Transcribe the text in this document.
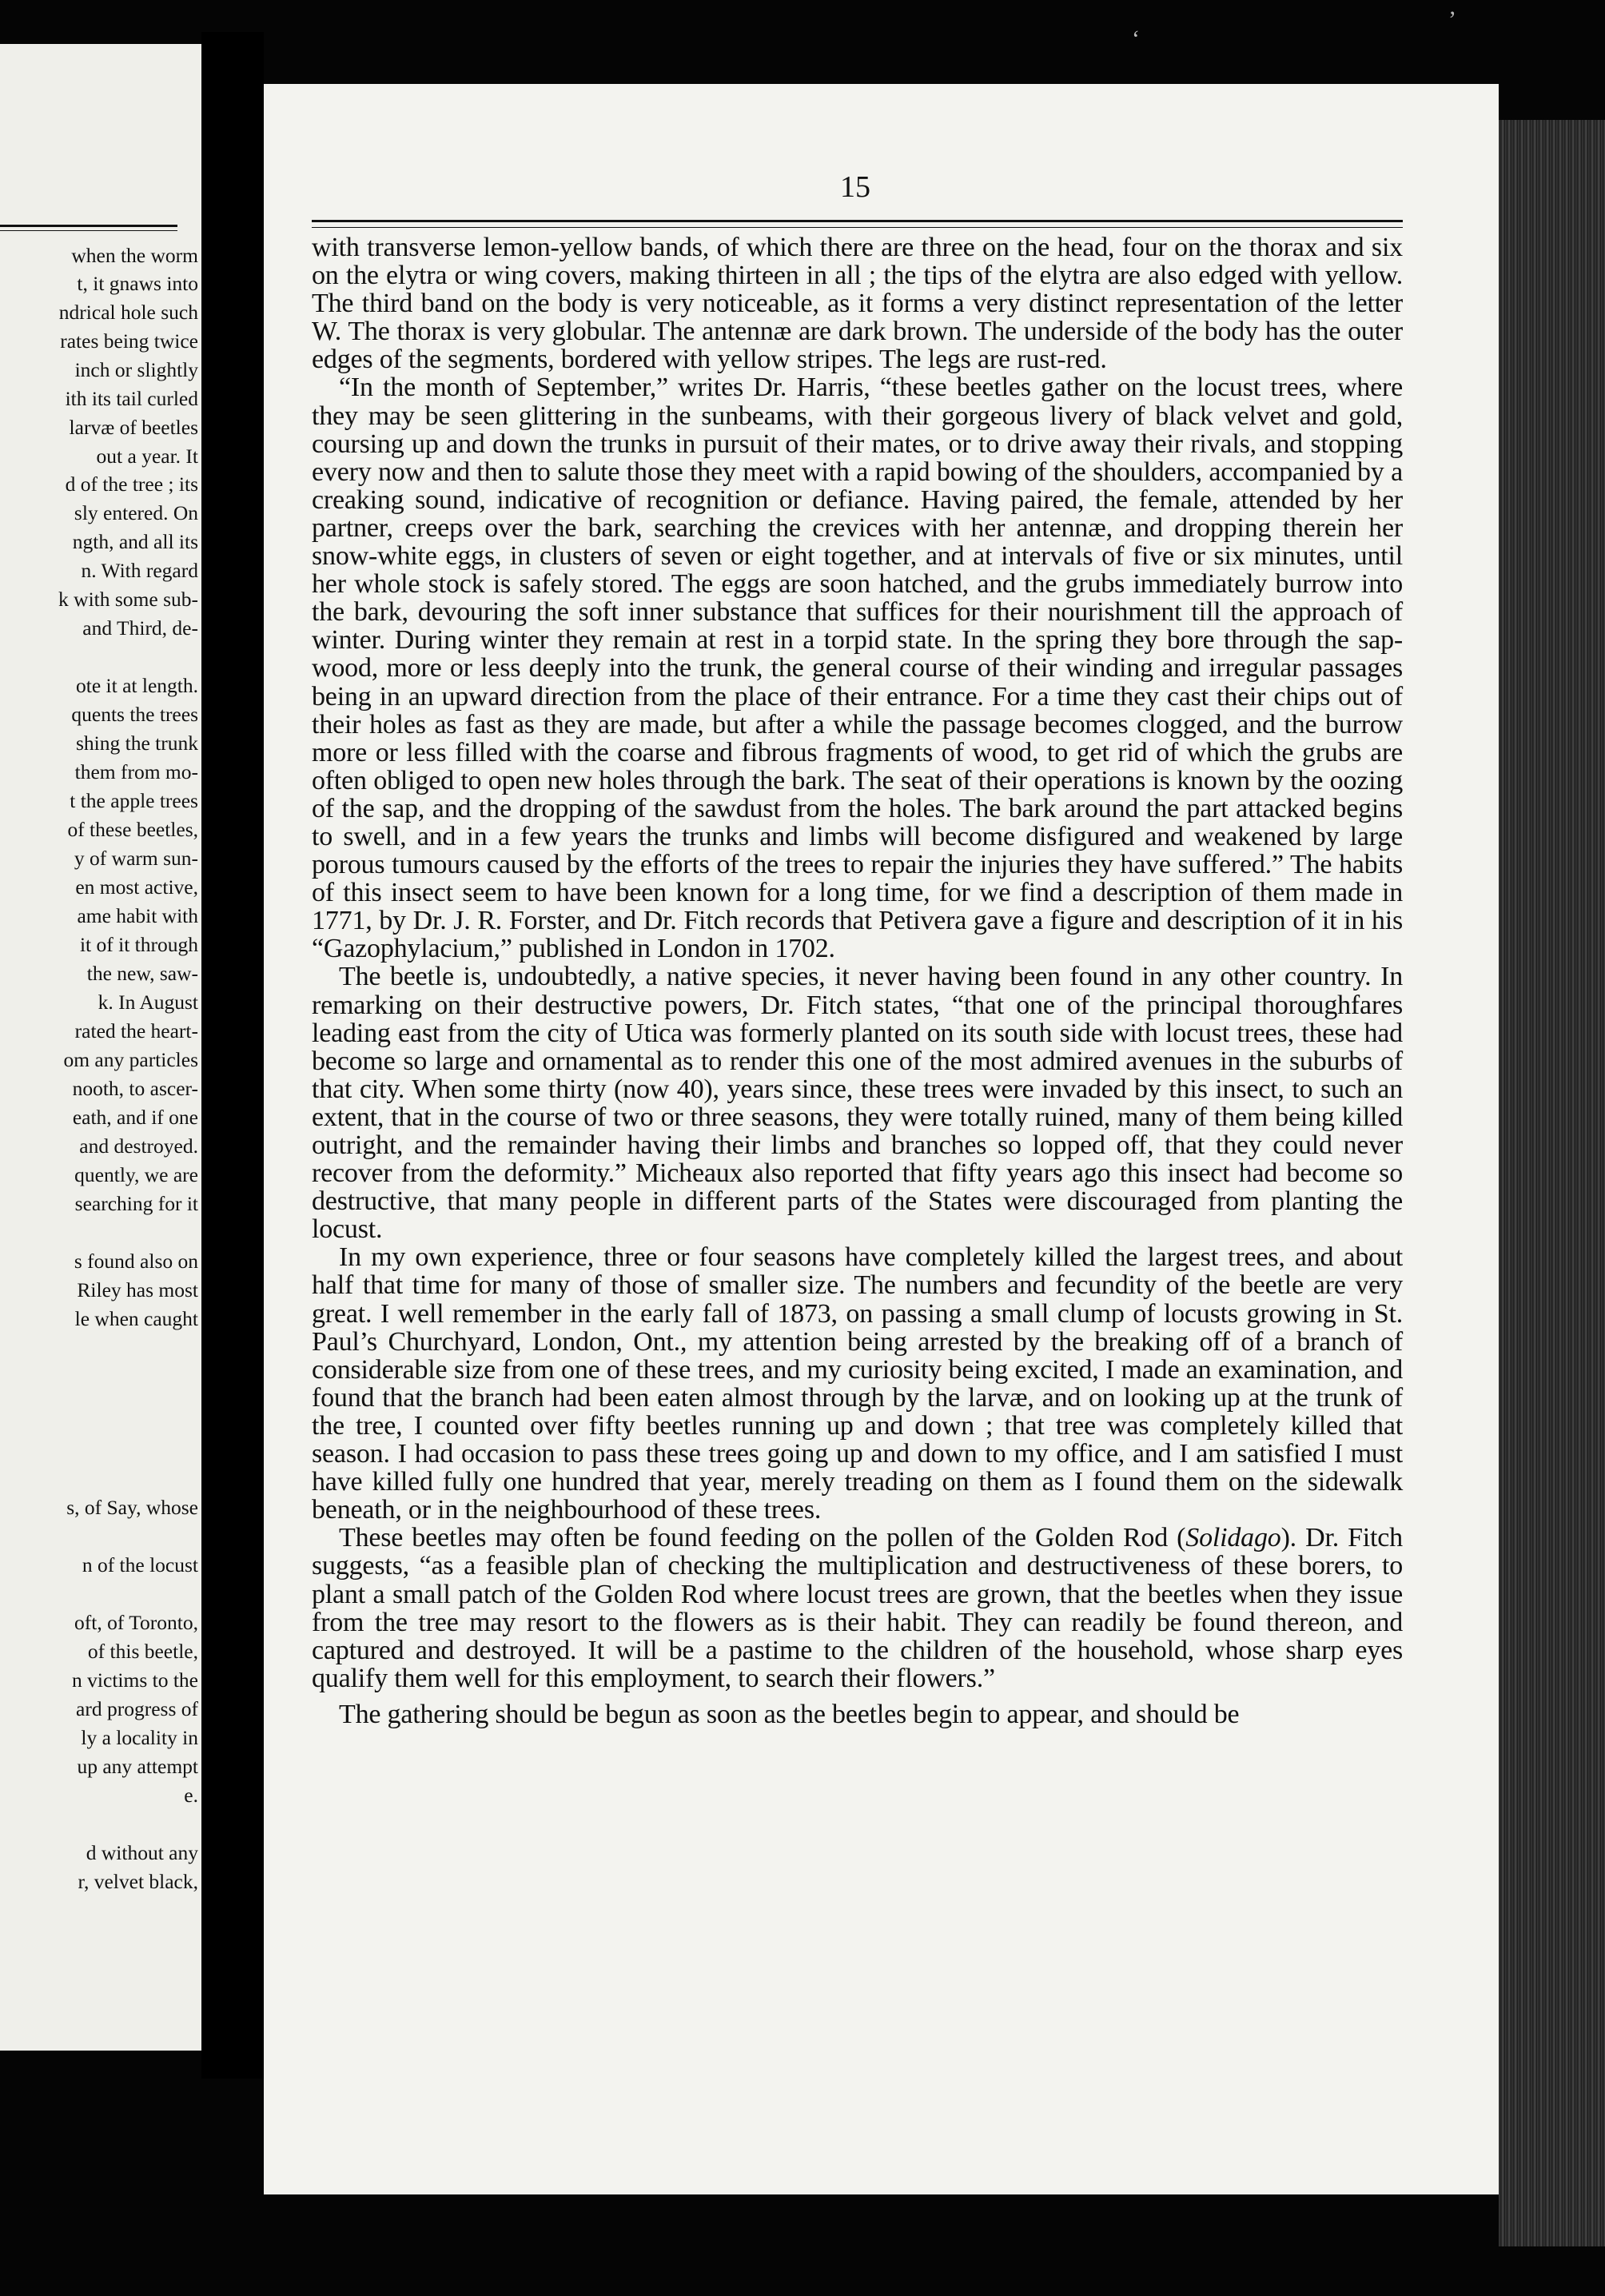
when the worm

t, it gnaws into

ndrical hole such

rates being twice

inch or slightly

ith its tail curled

larvæ of beetles

out a year. It

d of the tree ; its

sly entered. On

ngth, and all its

n. With regard

k with some sub-

and Third, de-

ote it at length.

quents the trees

shing the trunk

them from mo-

t the apple trees

of these beetles,

y of warm sun-

en most active,

ame habit with

it of it through

the new, saw-

k. In August

rated the heart-

om any particles

nooth, to ascer-

eath, and if one

and destroyed.

quently, we are

searching for it

s found also on

Riley has most

le when caught

s, of Say, whose

n of the locust

oft, of Toronto,

of this beetle,

n victims to the

ard progress of

ly a locality in

up any attempt

e.

d without any

r, velvet black,

‘
’

15

with transverse lemon-yellow bands, of which there are three on the head, four on the thorax and six on the elytra or wing covers, making thirteen in all ; the tips of the elytra are also edged with yellow. The third band on the body is very noticeable, as it forms a very distinct representation of the letter W. The thorax is very globular. The antennæ are dark brown. The underside of the body has the outer edges of the segments, bordered with yellow stripes. The legs are rust-red.

“In the month of September,” writes Dr. Harris, “these beetles gather on the locust trees, where they may be seen glittering in the sunbeams, with their gorgeous livery of black velvet and gold, coursing up and down the trunks in pursuit of their mates, or to drive away their rivals, and stopping every now and then to salute those they meet with a rapid bowing of the shoulders, accompanied by a creaking sound, indicative of recognition or defiance. Having paired, the female, attended by her partner, creeps over the bark, searching the crevices with her antennæ, and dropping therein her snow-white eggs, in clusters of seven or eight together, and at intervals of five or six minutes, until her whole stock is safely stored. The eggs are soon hatched, and the grubs immediately burrow into the bark, devouring the soft inner substance that suffices for their nourishment till the approach of winter. During winter they remain at rest in a torpid state. In the spring they bore through the sap-wood, more or less deeply into the trunk, the general course of their winding and irregular passages being in an upward direction from the place of their entrance. For a time they cast their chips out of their holes as fast as they are made, but after a while the passage becomes clogged, and the burrow more or less filled with the coarse and fibrous fragments of wood, to get rid of which the grubs are often obliged to open new holes through the bark. The seat of their operations is known by the oozing of the sap, and the dropping of the sawdust from the holes. The bark around the part attacked begins to swell, and in a few years the trunks and limbs will become disfigured and weakened by large porous tumours caused by the efforts of the trees to repair the injuries they have suffered.” The habits of this insect seem to have been known for a long time, for we find a description of them made in 1771, by Dr. J. R. Forster, and Dr. Fitch records that Petivera gave a figure and description of it in his “Gazophylacium,” published in London in 1702.

The beetle is, undoubtedly, a native species, it never having been found in any other country. In remarking on their destructive powers, Dr. Fitch states, “that one of the principal thoroughfares leading east from the city of Utica was formerly planted on its south side with locust trees, these had become so large and ornamental as to render this one of the most admired avenues in the suburbs of that city. When some thirty (now 40), years since, these trees were invaded by this insect, to such an extent, that in the course of two or three seasons, they were totally ruined, many of them being killed outright, and the remainder having their limbs and branches so lopped off, that they could never recover from the deformity.” Micheaux also reported that fifty years ago this insect had become so destructive, that many people in different parts of the States were discouraged from planting the locust.

In my own experience, three or four seasons have completely killed the largest trees, and about half that time for many of those of smaller size. The numbers and fecundity of the beetle are very great. I well remember in the early fall of 1873, on passing a small clump of locusts growing in St. Paul’s Churchyard, London, Ont., my attention being arrested by the breaking off of a branch of considerable size from one of these trees, and my curiosity being excited, I made an examination, and found that the branch had been eaten almost through by the larvæ, and on looking up at the trunk of the tree, I counted over fifty beetles running up and down ; that tree was completely killed that season. I had occasion to pass these trees going up and down to my office, and I am satisfied I must have killed fully one hundred that year, merely treading on them as I found them on the sidewalk beneath, or in the neighbourhood of these trees.

These beetles may often be found feeding on the pollen of the Golden Rod (Solidago). Dr. Fitch suggests, “as a feasible plan of checking the multiplication and destructiveness of these borers, to plant a small patch of the Golden Rod where locust trees are grown, that the beetles when they issue from the tree may resort to the flowers as is their habit. They can readily be found thereon, and captured and destroyed. It will be a pastime to the children of the household, whose sharp eyes qualify them well for this employment, to search their flowers.”

The gathering should be begun as soon as the beetles begin to appear, and should be
